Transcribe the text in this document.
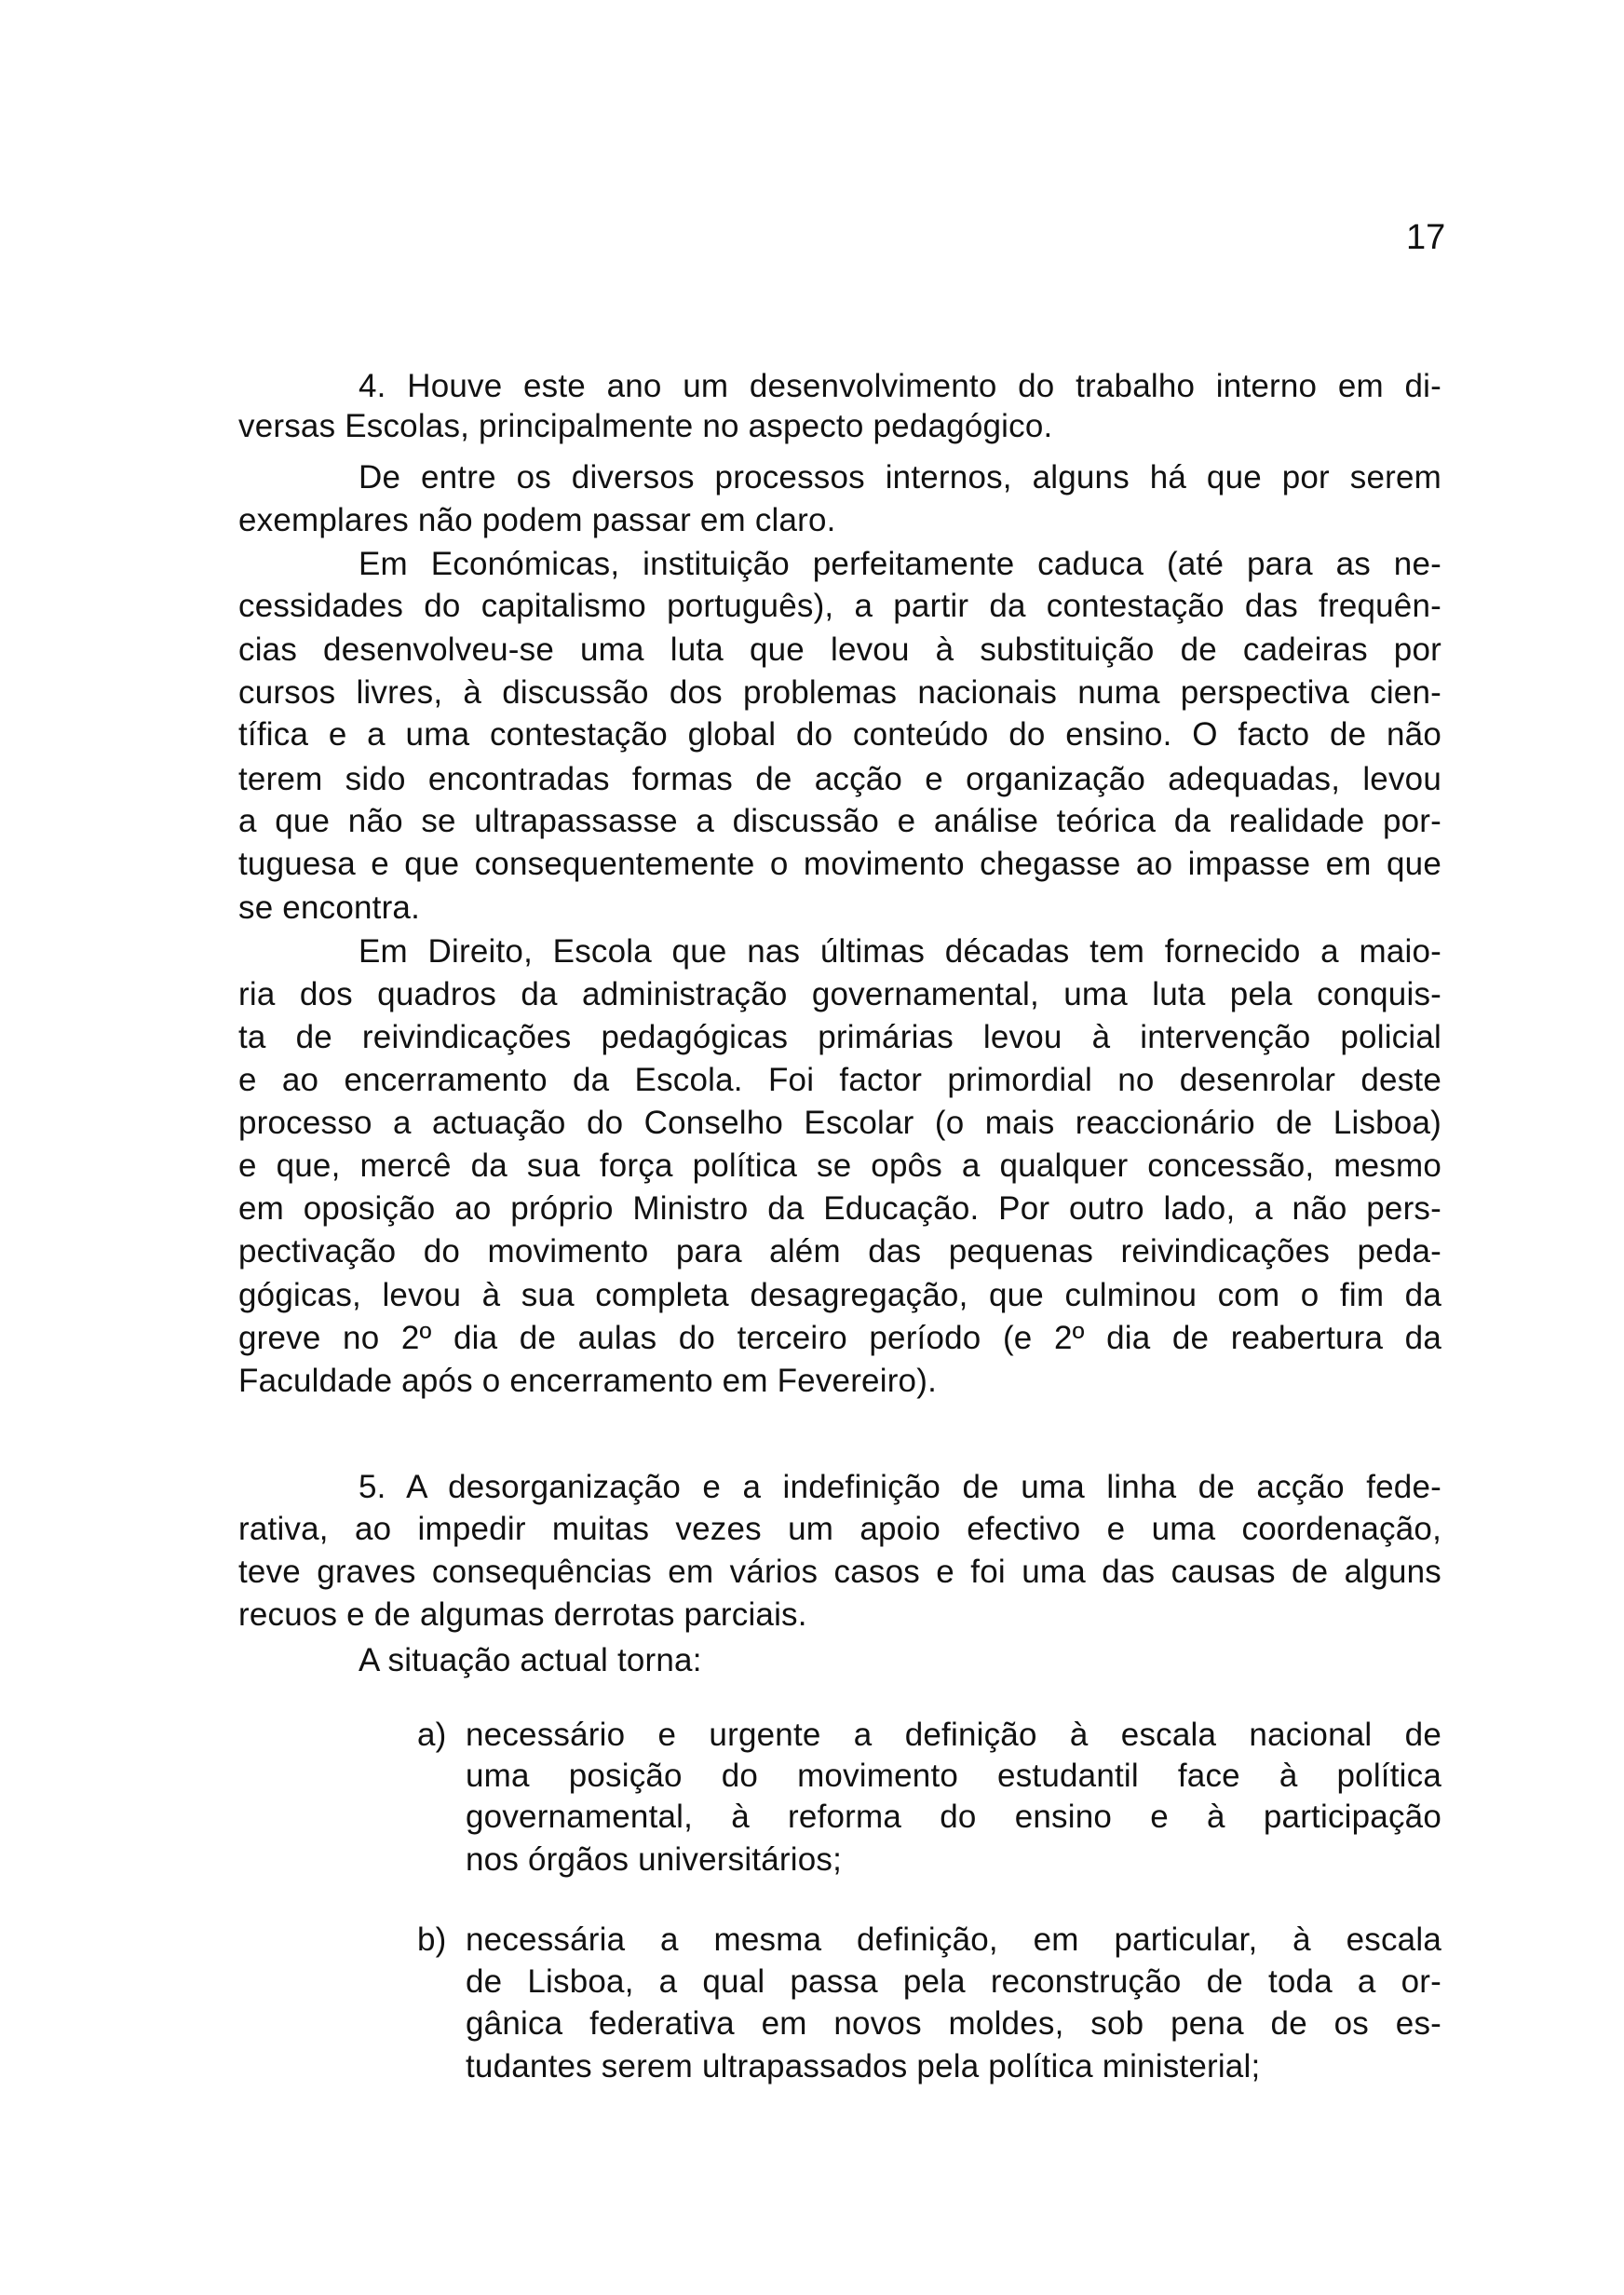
17
4. Houve este ano um desenvolvimento do trabalho interno em di-
versas Escolas, principalmente no aspecto pedagógico.
De entre os diversos processos internos, alguns há que por serem
exemplares não podem passar em claro.
Em Económicas, instituição perfeitamente caduca (até para as ne-
cessidades do capitalismo português), a partir da contestação das frequên-
cias desenvolveu-se uma luta que levou à substituição de cadeiras por
cursos livres, à discussão dos problemas nacionais numa perspectiva cien-
tífica e a uma contestação global do conteúdo do ensino. O facto de não
terem sido encontradas formas de acção e organização adequadas, levou
a que não se ultrapassasse a discussão e análise teórica da realidade por-
tuguesa e que consequentemente o movimento chegasse ao impasse em que
se encontra.
Em Direito, Escola que nas últimas décadas tem fornecido a maio-
ria dos quadros da administração governamental, uma luta pela conquis-
ta de reivindicações pedagógicas primárias levou à intervenção policial
e ao encerramento da Escola. Foi factor primordial no desenrolar deste
processo a actuação do Conselho Escolar (o mais reaccionário de Lisboa)
e que, mercê da sua força política se opôs a qualquer concessão, mesmo
em oposição ao próprio Ministro da Educação. Por outro lado, a não pers-
pectivação do movimento para além das pequenas reivindicações peda-
gógicas, levou à sua completa desagregação, que culminou com o fim da
greve no 2º dia de aulas do terceiro período (e 2º dia de reabertura da
Faculdade após o encerramento em Fevereiro).
5. A desorganização e a indefinição de uma linha de acção fede-
rativa, ao impedir muitas vezes um apoio efectivo e uma coordenação,
teve graves consequências em vários casos e foi uma das causas de alguns
recuos e de algumas derrotas parciais.
A situação actual torna:
a) necessário e urgente a definição à escala nacional de
uma posição do movimento estudantil face à política
governamental, à reforma do ensino e à participação
nos órgãos universitários;
b) necessária a mesma definição, em particular, à escala
de Lisboa, a qual passa pela reconstrução de toda a or-
gânica federativa em novos moldes, sob pena de os es-
tudantes serem ultrapassados pela política ministerial;
